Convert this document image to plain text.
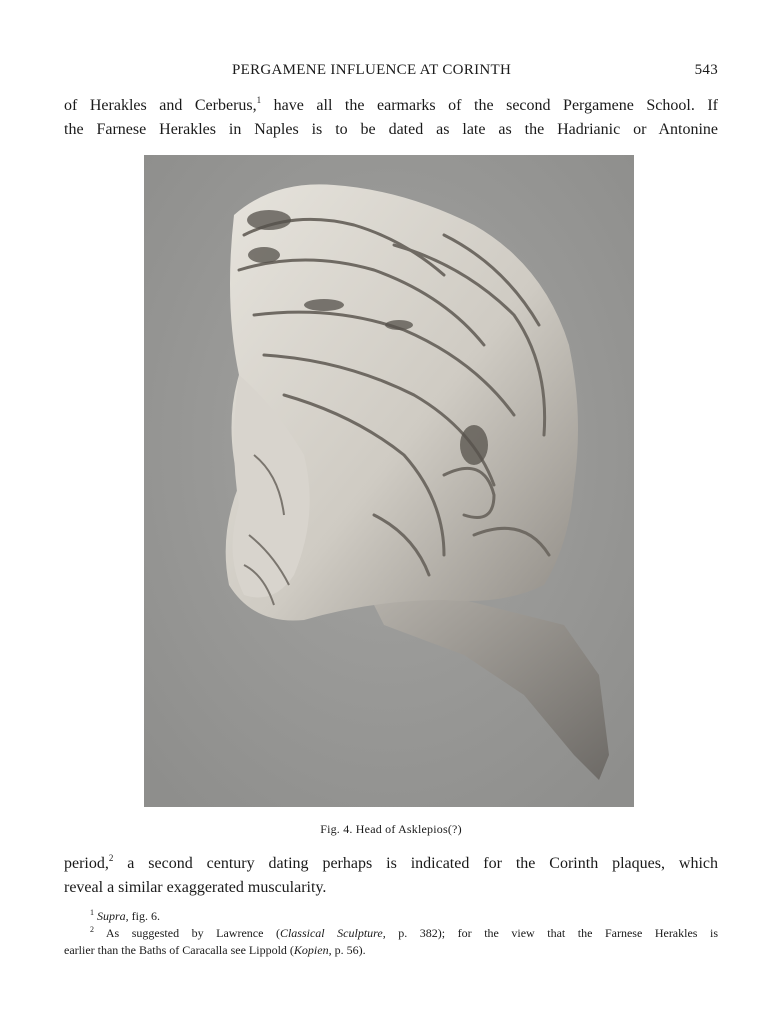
PERGAMENE INFLUENCE AT CORINTH	543
of Herakles and Cerberus,$^1$ have all the earmarks of the second Pergamene School. If
the Farnese Herakles in Naples is to be dated as late as the Hadrianic or Antonine
Fig. 4. Head of Asklepios(?)
period,$^2$ a second century dating perhaps is indicated for the Corinth plaques, which
reveal a similar exaggerated muscularity.
$^1$ Supra, fig. 6.
$^2$ As suggested by Lawrence (Classical Sculpture, p. 382); for the view that the Farnese Herakles is
earlier than the Baths of Caracalla see Lippold (Kopien, p. 56).
